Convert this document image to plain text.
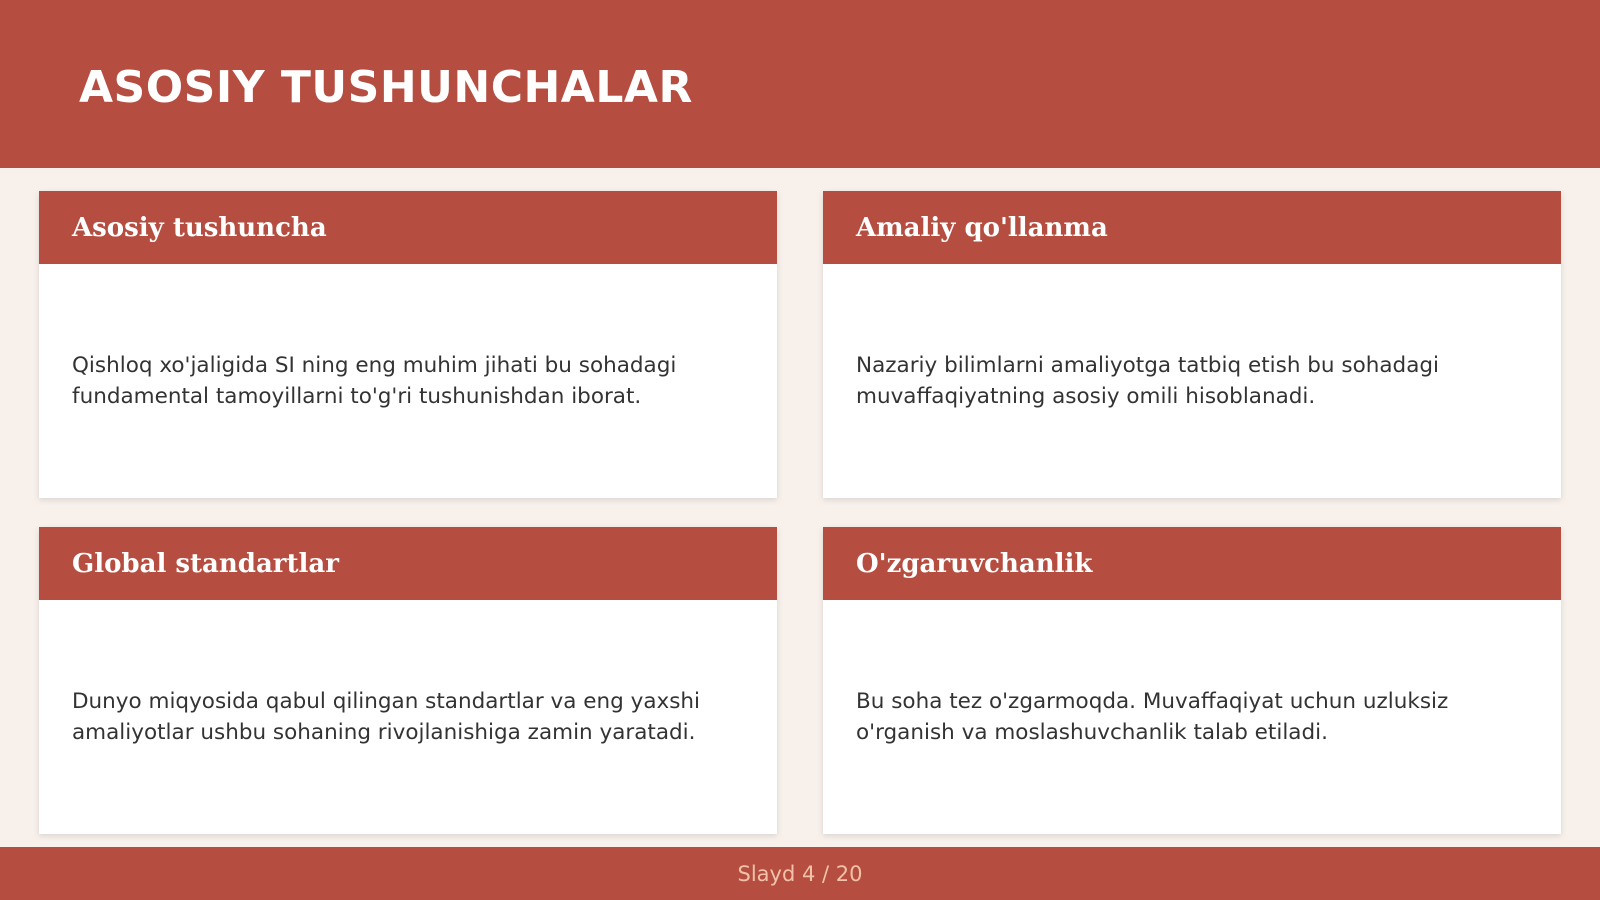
ASOSIY TUSHUNCHALAR
Asosiy tushuncha

Qishloq xo'jaligida SI ning eng muhim jihati bu sohadagi fundamental tamoyillarni to'g'ri tushunishdan iborat.

Amaliy qo'llanma

Nazariy bilimlarni amaliyotga tatbiq etish bu sohadagi muvaffaqiyatning asosiy omili hisoblanadi.

Global standartlar

Dunyo miqyosida qabul qilingan standartlar va eng yaxshi amaliyotlar ushbu sohaning rivojlanishiga zamin yaratadi.

O'zgaruvchanlik

Bu soha tez o'zgarmoqda. Muvaffaqiyat uchun uzluksiz o'rganish va moslashuvchanlik talab etiladi.

Slayd 4 / 20
